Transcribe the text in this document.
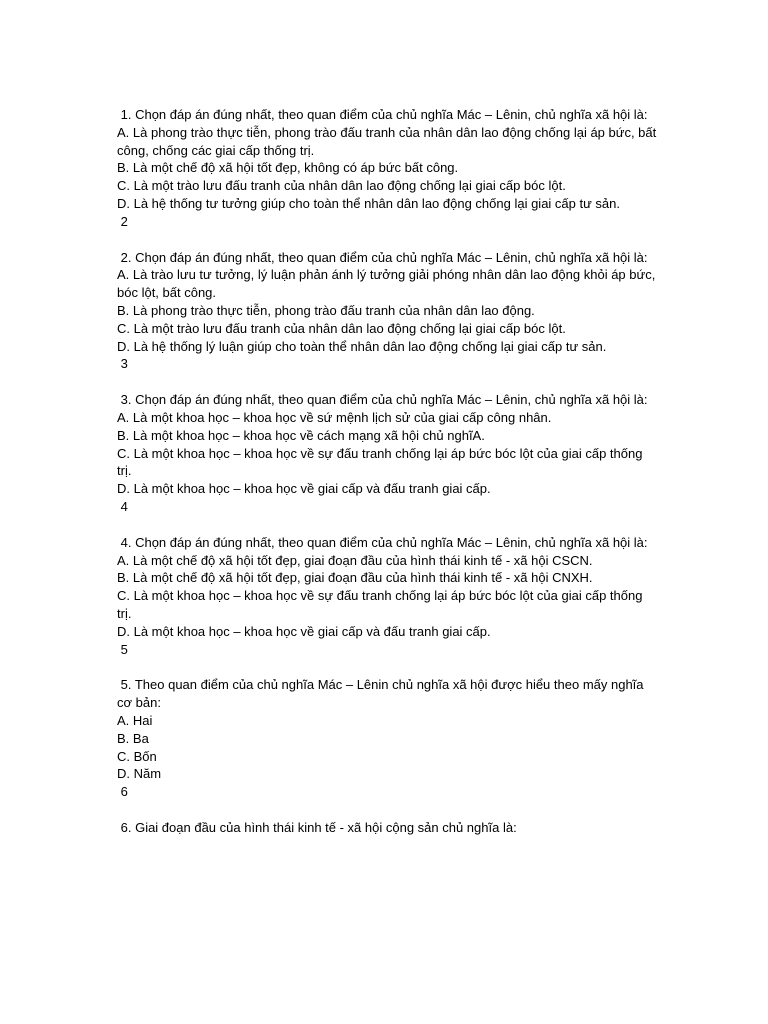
1. Chọn đáp án đúng nhất, theo quan điểm của chủ nghĩa Mác – Lênin, chủ nghĩa xã hội là:
A. Là phong trào thực tiễn, phong trào đấu tranh của nhân dân lao động chống lại áp bức, bất công, chống các giai cấp thống trị.
B. Là một chế độ xã hội tốt đẹp, không có áp bức bất công.
C. Là một trào lưu đấu tranh của nhân dân lao động chống lại giai cấp bóc lột.
D. Là hệ thống tư tưởng giúp cho toàn thể nhân dân lao động chống lại giai cấp tư sản.
2
2. Chọn đáp án đúng nhất, theo quan điểm của chủ nghĩa Mác – Lênin, chủ nghĩa xã hội là:
A. Là trào lưu tư tưởng, lý luận phản ánh lý tưởng giải phóng nhân dân lao động khỏi áp bức, bóc lột, bất công.
B. Là phong trào thực tiễn, phong trào đấu tranh của nhân dân lao động.
C. Là một trào lưu đấu tranh của nhân dân lao động chống lại giai cấp bóc lột.
D. Là hệ thống lý luận giúp cho toàn thể nhân dân lao động chống lại giai cấp tư sản.
3
3. Chọn đáp án đúng nhất, theo quan điểm của chủ nghĩa Mác – Lênin, chủ nghĩa xã hội là:
A. Là một khoa học – khoa học về sứ mệnh lịch sử của giai cấp công nhân.
B. Là một khoa học – khoa học về cách mạng xã hội chủ nghĩA.
C. Là một khoa học – khoa học về sự đấu tranh chống lại áp bức bóc lột của giai cấp thống trị.
D. Là một khoa học – khoa học về giai cấp và đấu tranh giai cấp.
4
4. Chọn đáp án đúng nhất, theo quan điểm của chủ nghĩa Mác – Lênin, chủ nghĩa xã hội là:
A. Là một chế độ xã hội tốt đẹp, giai đoạn đầu của hình thái kinh tế - xã hội CSCN.
B. Là một chế độ xã hội tốt đẹp, giai đoạn đầu của hình thái kinh tế - xã hội CNXH.
C. Là một khoa học – khoa học về sự đấu tranh chống lại áp bức bóc lột của giai cấp thống trị.
D. Là một khoa học – khoa học về giai cấp và đấu tranh giai cấp.
5
5. Theo quan điểm của chủ nghĩa Mác – Lênin chủ nghĩa xã hội được hiểu theo mấy nghĩa cơ bản:
A. Hai
B. Ba
C. Bốn
D. Năm
6
6. Giai đoạn đầu của hình thái kinh tế - xã hội cộng sản chủ nghĩa là:
